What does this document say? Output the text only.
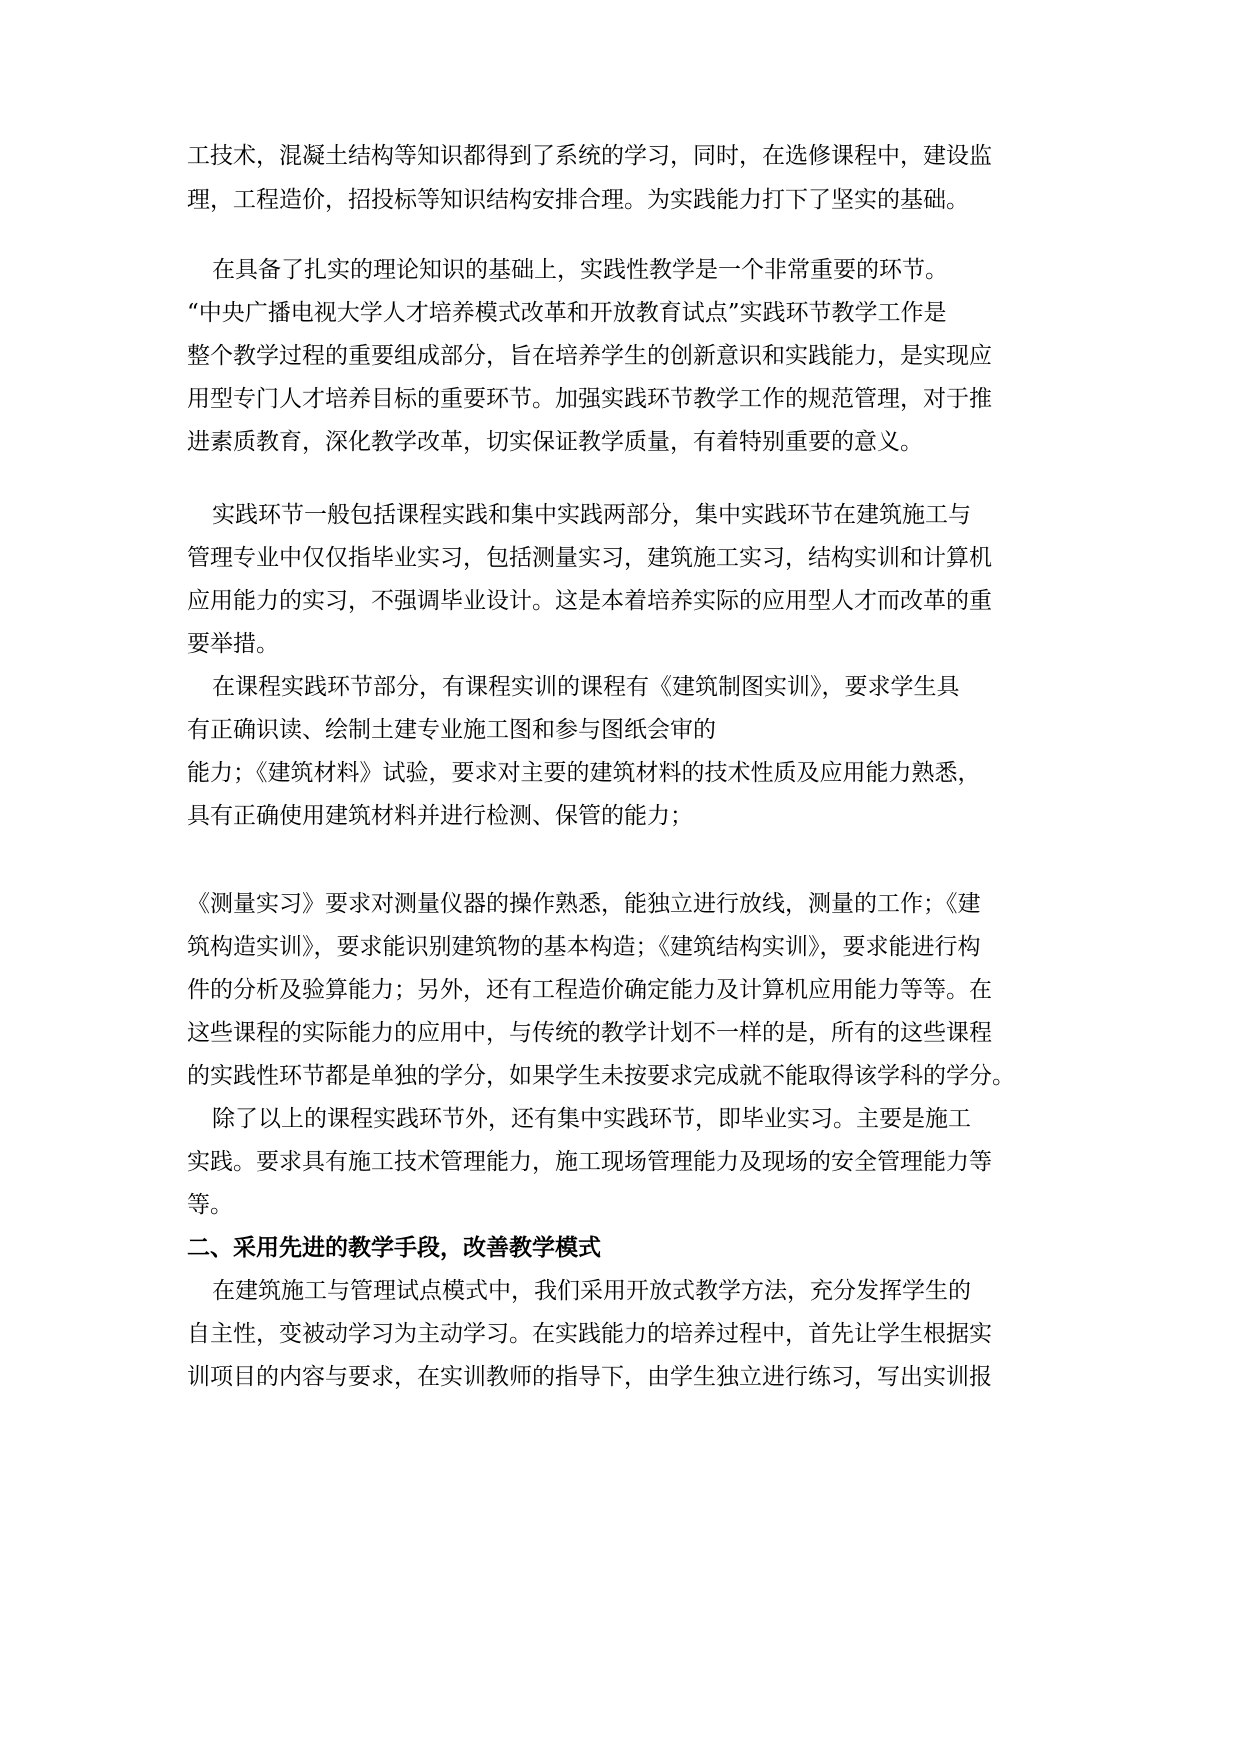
工技术，混凝土结构等知识都得到了系统的学习，同时，在选修课程中，建设监

理，工程造价，招投标等知识结构安排合理。为实践能力打下了坚实的基础。

在具备了扎实的理论知识的基础上，实践性教学是一个非常重要的环节。

“中央广播电视大学人才培养模式改革和开放教育试点”实践环节教学工作是

整个教学过程的重要组成部分，旨在培养学生的创新意识和实践能力，是实现应

用型专门人才培养目标的重要环节。加强实践环节教学工作的规范管理，对于推

进素质教育，深化教学改革，切实保证教学质量，有着特别重要的意义。

实践环节一般包括课程实践和集中实践两部分，集中实践环节在建筑施工与

管理专业中仅仅指毕业实习，包括测量实习，建筑施工实习，结构实训和计算机

应用能力的实习，不强调毕业设计。这是本着培养实际的应用型人才而改革的重

要举措。

在课程实践环节部分，有课程实训的课程有《建筑制图实训》，要求学生具

有正确识读、绘制土建专业施工图和参与图纸会审的

能力；《建筑材料》试验，要求对主要的建筑材料的技术性质及应用能力熟悉，

具有正确使用建筑材料并进行检测、保管的能力；

《测量实习》要求对测量仪器的操作熟悉，能独立进行放线，测量的工作；《建

筑构造实训》，要求能识别建筑物的基本构造；《建筑结构实训》，要求能进行构

件的分析及验算能力；另外，还有工程造价确定能力及计算机应用能力等等。在

这些课程的实际能力的应用中，与传统的教学计划不一样的是，所有的这些课程

的实践性环节都是单独的学分，如果学生未按要求完成就不能取得该学科的学分。

除了以上的课程实践环节外，还有集中实践环节，即毕业实习。主要是施工

实践。要求具有施工技术管理能力，施工现场管理能力及现场的安全管理能力等

等。

二、采用先进的教学手段，改善教学模式

在建筑施工与管理试点模式中，我们采用开放式教学方法，充分发挥学生的

自主性，变被动学习为主动学习。在实践能力的培养过程中，首先让学生根据实

训项目的内容与要求，在实训教师的指导下，由学生独立进行练习，写出实训报
